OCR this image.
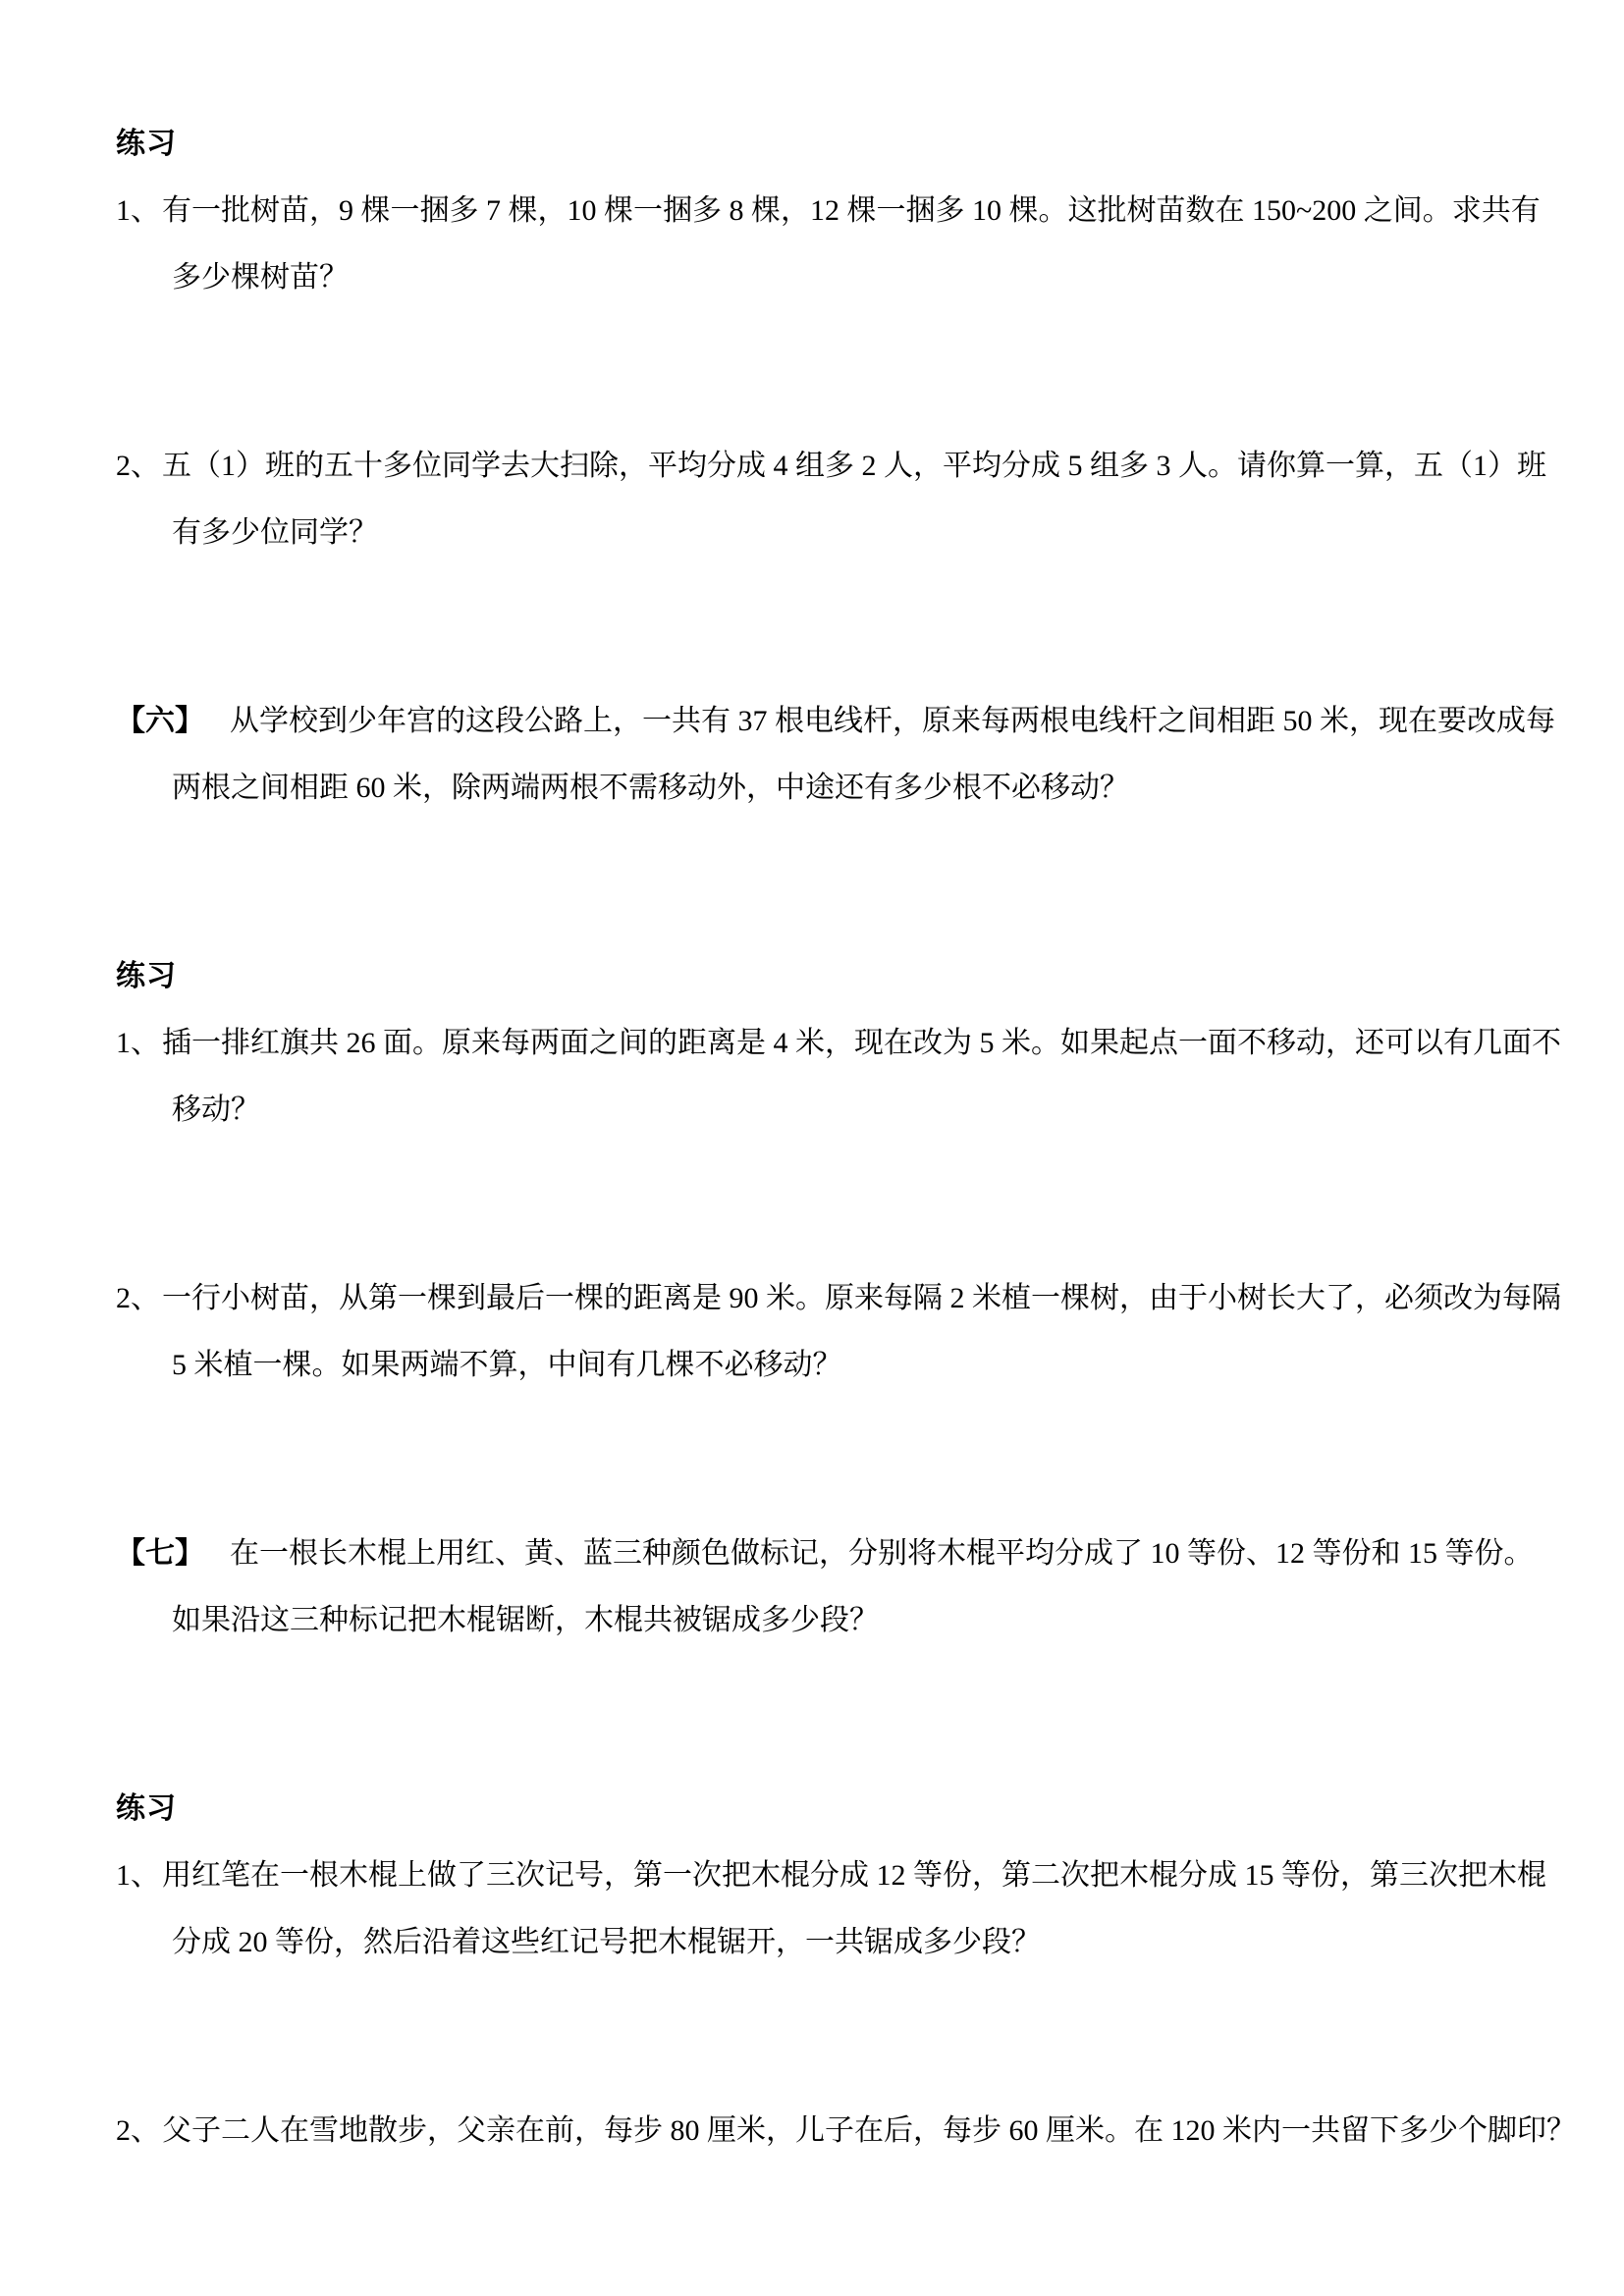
练习
1、有一批树苗，9 棵一捆多 7 棵，10 棵一捆多 8 棵，12 棵一捆多 10 棵。这批树苗数在 150~200 之间。求共有
多少棵树苗？
2、五（1）班的五十多位同学去大扫除，平均分成 4 组多 2 人，平均分成 5 组多 3 人。请你算一算，五（1）班
有多少位同学？
【六】 从学校到少年宫的这段公路上，一共有 37 根电线杆，原来每两根电线杆之间相距 50 米，现在要改成每
两根之间相距 60 米，除两端两根不需移动外，中途还有多少根不必移动？
练习
1、插一排红旗共 26 面。原来每两面之间的距离是 4 米，现在改为 5 米。如果起点一面不移动，还可以有几面不
移动？
2、一行小树苗，从第一棵到最后一棵的距离是 90 米。原来每隔 2 米植一棵树，由于小树长大了，必须改为每隔
5 米植一棵。如果两端不算，中间有几棵不必移动？
【七】 在一根长木棍上用红、黄、蓝三种颜色做标记，分别将木棍平均分成了 10 等份、12 等份和 15 等份。
如果沿这三种标记把木棍锯断，木棍共被锯成多少段？
练习
1、用红笔在一根木棍上做了三次记号，第一次把木棍分成 12 等份，第二次把木棍分成 15 等份，第三次把木棍
分成 20 等份，然后沿着这些红记号把木棍锯开，一共锯成多少段？
2、父子二人在雪地散步，父亲在前，每步 80 厘米，儿子在后，每步 60 厘米。在 120 米内一共留下多少个脚印？
